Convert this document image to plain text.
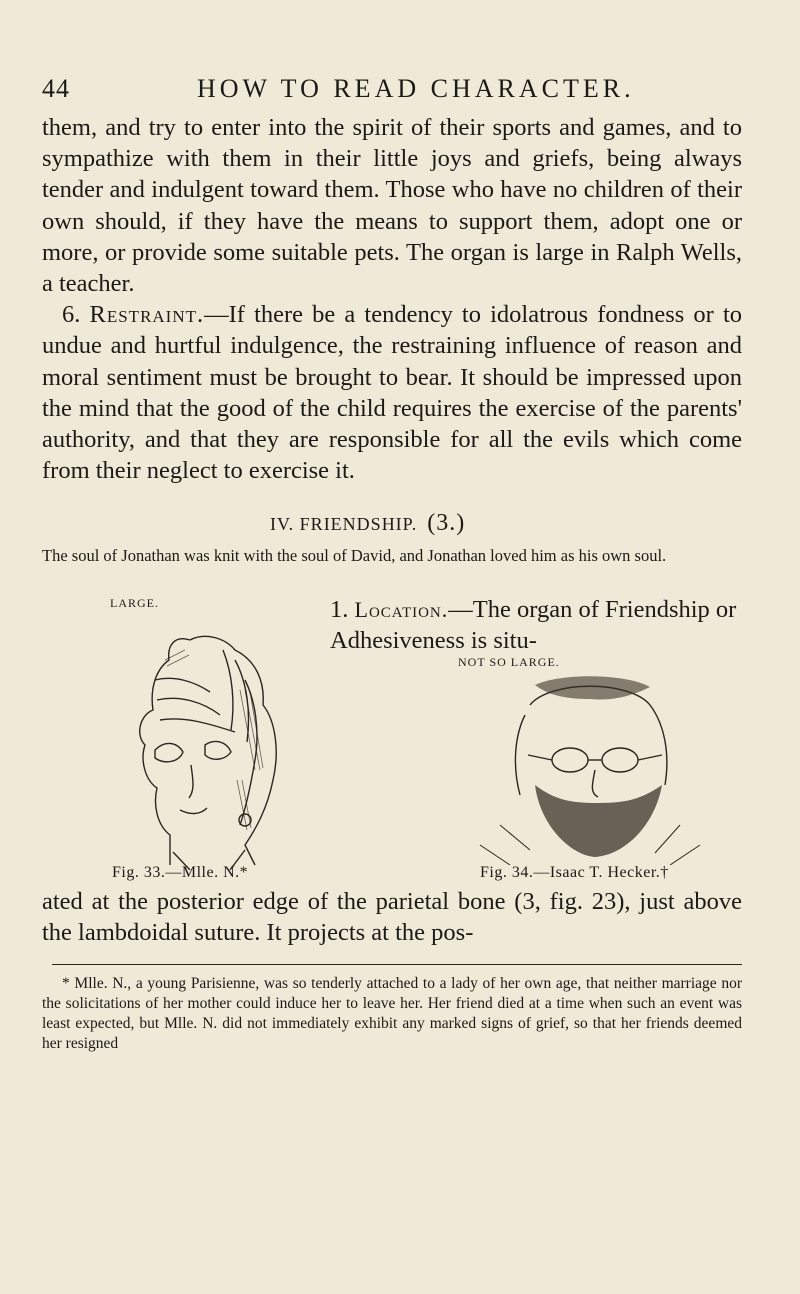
44	HOW TO READ CHARACTER.

them, and try to enter into the spirit of their sports and games, and to sympathize with them in their little joys and griefs, being always tender and indulgent toward them. Those who have no children of their own should, if they have the means to support them, adopt one or more, or provide some suitable pets. The organ is large in Ralph Wells, a teacher.

6. Restraint.—If there be a tendency to idolatrous fondness or to undue and hurtful indulgence, the restraining influence of reason and moral sentiment must be brought to bear. It should be impressed upon the mind that the good of the child requires the exercise of the parents' authority, and that they are responsible for all the evils which come from their neglect to exercise it.

IV. FRIENDSHIP. (3.)
The soul of Jonathan was knit with the soul of David, and Jonathan loved him as his own soul.
LARGE.	1. Location.—The organ of Friendship or Adhesiveness is situ-
NOT SO LARGE.
Fig. 33.—Mlle. N.*	Fig. 34.—Isaac T. Hecker.†
ated at the posterior edge of the parietal bone (3, fig. 23), just above the lambdoidal suture. It projects at the pos-

* Mlle. N., a young Parisienne, was so tenderly attached to a lady of her own age, that neither marriage nor the solicitations of her mother could induce her to leave her. Her friend died at a time when such an event was least expected, but Mlle. N. did not immediately exhibit any marked signs of grief, so that her friends deemed her resigned
